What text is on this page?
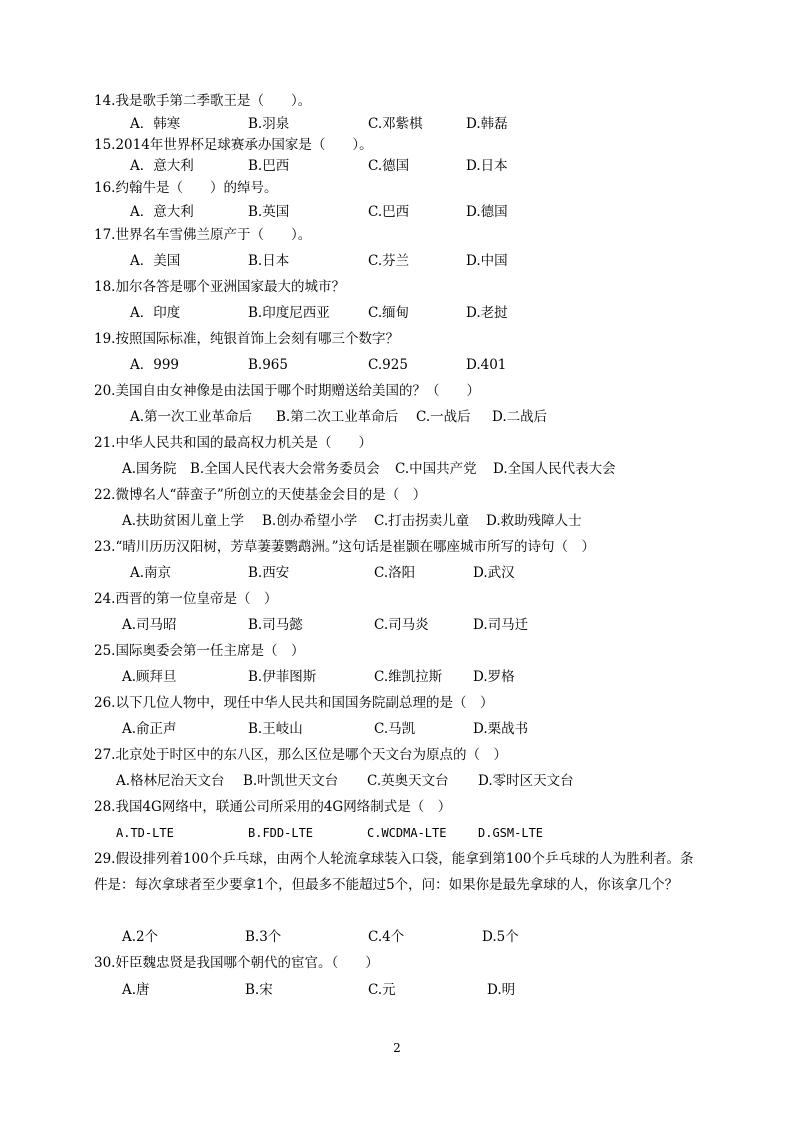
14.我是歌手第二季歌王是（　　）。
A．韩寒	B.羽泉	C.邓紫棋	D.韩磊
15.2014年世界杯足球赛承办国家是（　　）。
A．意大利	B.巴西	C.德国	D.日本
16.约翰牛是（　　）的绰号。
A．意大利	B.英国	C.巴西	D.德国
17.世界名车雪佛兰原产于（　　）。
A．美国	B.日本	C.芬兰	D.中国
18.加尔各答是哪个亚洲国家最大的城市？
A．印度	B.印度尼西亚	C.缅甸	D.老挝
19.按照国际标准，纯银首饰上会刻有哪三个数字？
A．999	B.965	C.925	D.401
20.美国自由女神像是由法国于哪个时期赠送给美国的？（　　）
A.第一次工业革命后 B.第二次工业革命后 C.一战后 D.二战后
21.中华人民共和国的最高权力机关是（　　）
A.国务院 B.全国人民代表大会常务委员会 C.中国共产党 D.全国人民代表大会
22.微博名人“薛蛮子”所创立的天使基金会目的是（　）
A.扶助贫困儿童上学 B.创办希望小学 C.打击拐卖儿童 D.救助残障人士
23.“晴川历历汉阳树，芳草萋萋鹦鹉洲。”这句话是崔颢在哪座城市所写的诗句（　）
A.南京	B.西安	C.洛阳	D.武汉
24.西晋的第一位皇帝是（　）
A.司马昭	B.司马懿	C.司马炎	D.司马迁
25.国际奥委会第一任主席是（　）
A.顾拜旦	B.伊菲图斯	C.维凯拉斯 D.罗格
26.以下几位人物中，现任中华人民共和国国务院副总理的是（　）
A.俞正声	B.王岐山	C.马凯	D.栗战书
27.北京处于时区中的东八区，那么区位是哪个天文台为原点的（　）
A.格林尼治天文台 B.叶凯世天文台 C.英奥天文台 D.零时区天文台
28.我国4G网络中，联通公司所采用的4G网络制式是（　）
A.TD-LTE	B.FDD-LTE	C.WCDMA-LTE	D.GSM-LTE
29.假设排列着100个乒乓球，由两个人轮流拿球装入口袋，能拿到第100个乒乓球的人为胜利者。条件是：每次拿球者至少要拿1个，但最多不能超过5个，问：如果你是最先拿球的人，你该拿几个？
A.2个	B.3个	C.4个	D.5个
30.奸臣魏忠贤是我国哪个朝代的宦官。（　　）
A.唐	B.宋	C.元	D.明
2
